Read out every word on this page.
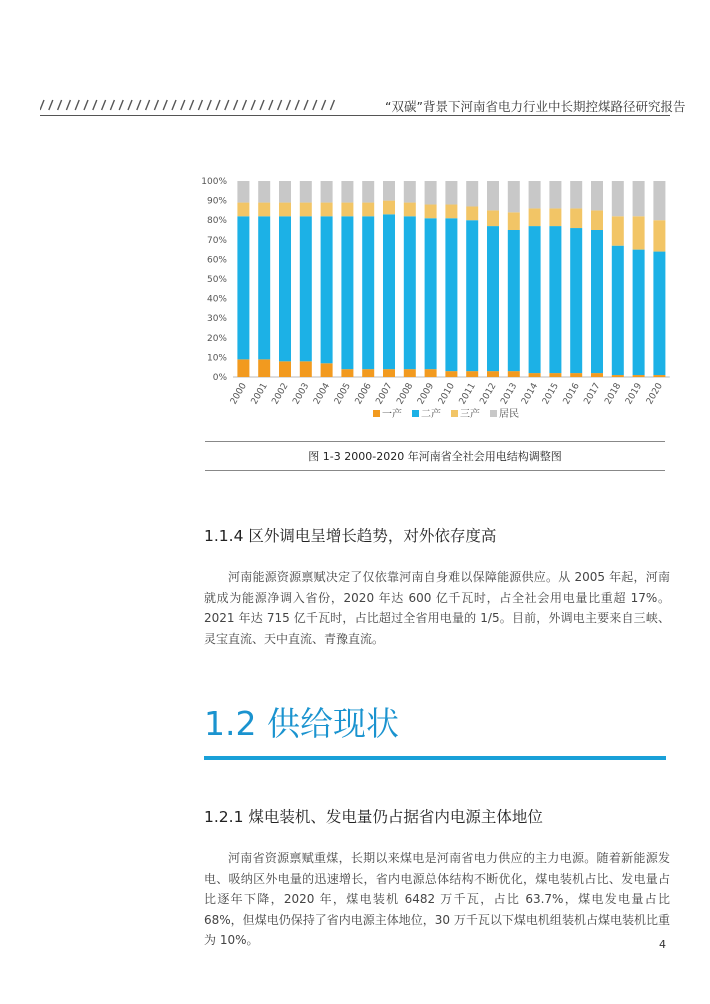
“双碳”背景下河南省电力行业中长期控煤路径研究报告
0%
10%
20%
30%
40%
50%
60%
70%
80%
90%
100%
2000 2001 2002 2003 2004 2005 2006 2007 2008 2009 2010 2011 2012 2013 2014 2015 2016 2017 2018 2019 2020
一产 二产 三产 居民
图 1-3 2000-2020 年河南省全社会用电结构调整图
1.1.4 区外调电呈增长趋势，对外依存度高
河南能源资源禀赋决定了仅依靠河南自身难以保障能源供应。从 2005 年起，河南就成为能源净调入省份，2020 年达 600 亿千瓦时，占全社会用电量比重超 17%。2021 年达 715 亿千瓦时，占比超过全省用电量的 1/5。目前，外调电主要来自三峡、灵宝直流、天中直流、青豫直流。
1.2 供给现状
1.2.1 煤电装机、发电量仍占据省内电源主体地位
河南省资源禀赋重煤，长期以来煤电是河南省电力供应的主力电源。随着新能源发电、吸纳区外电量的迅速增长，省内电源总体结构不断优化，煤电装机占比、发电量占比逐年下降，2020 年，煤电装机 6482 万千瓦，占比 63.7%，煤电发电量占比 68%，但煤电仍保持了省内电源主体地位，30 万千瓦以下煤电机组装机占煤电装机比重为 10%。	4
